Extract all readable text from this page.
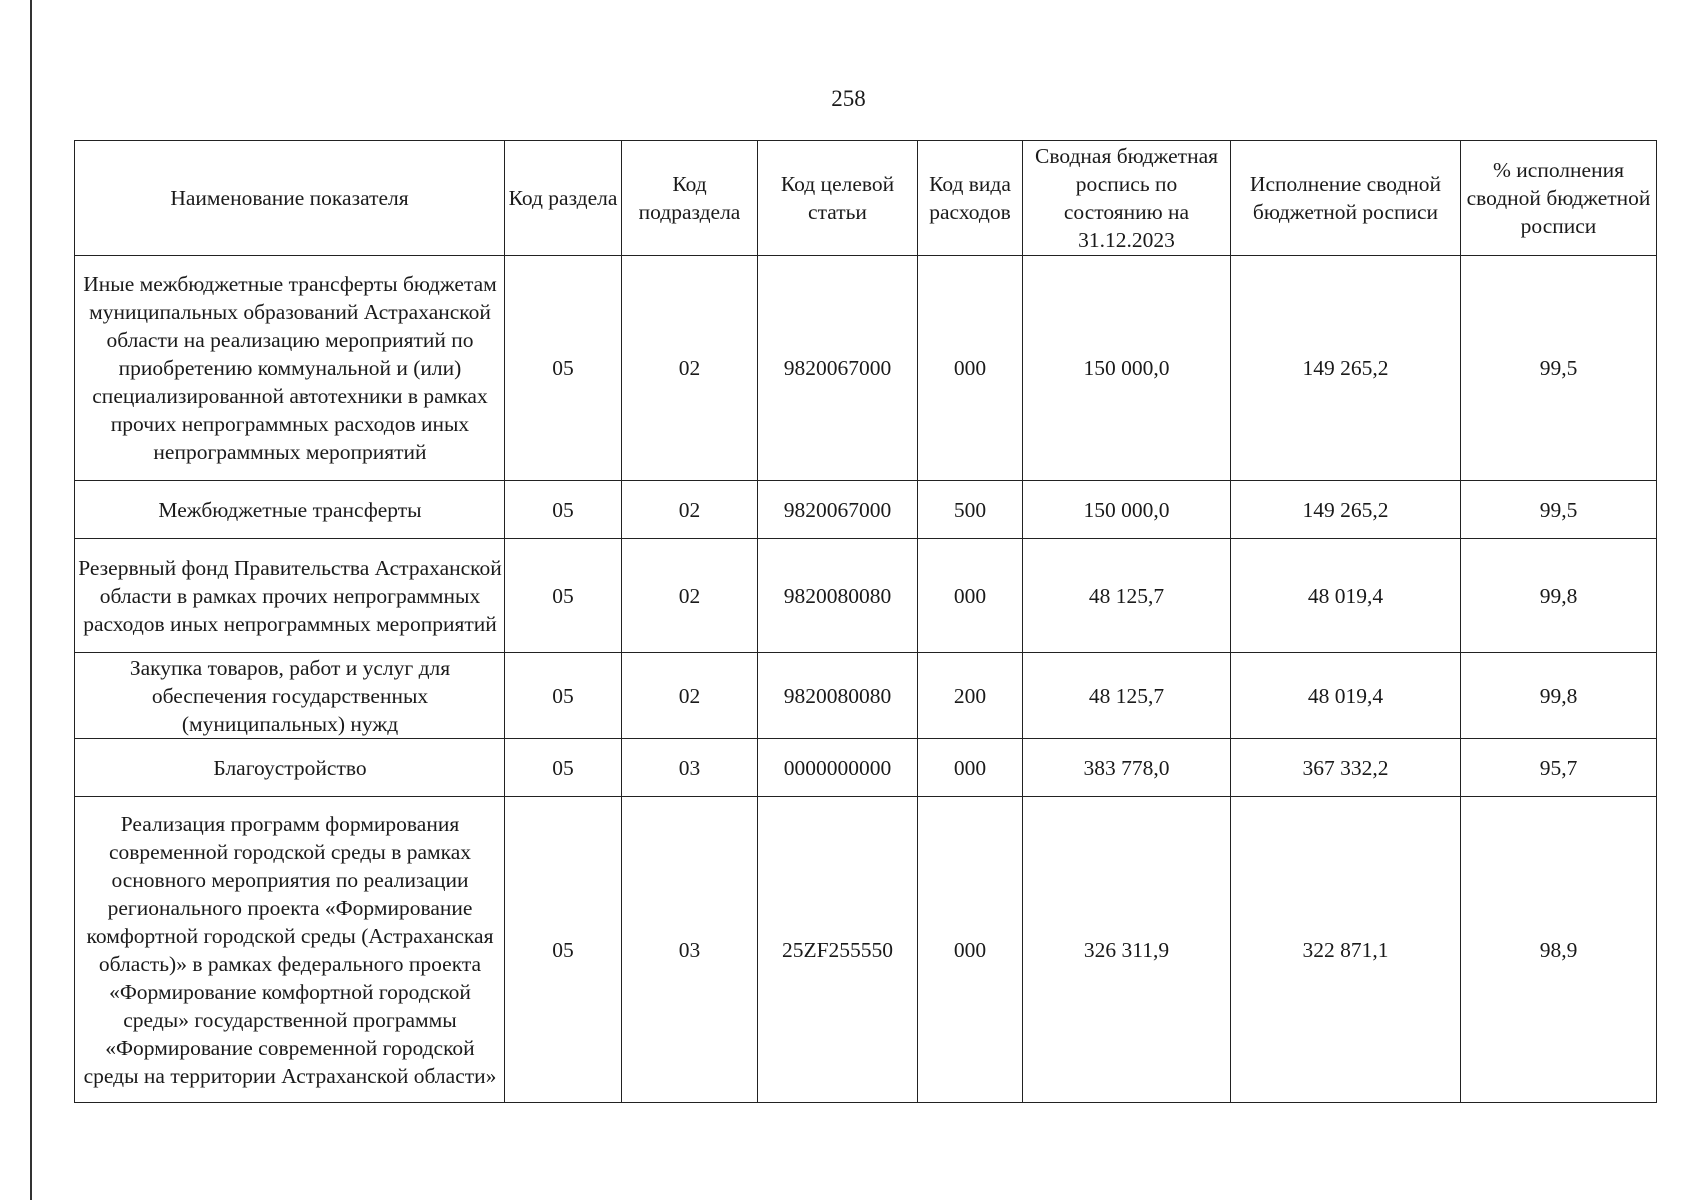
258
Наименование показателя	Код раздела	Код подраздела	Код целевой статьи	Код вида расходов	Сводная бюджетная роспись по состоянию на 31.12.2023	Исполнение сводной бюджетной росписи	% исполнения сводной бюджетной росписи
Иные межбюджетные трансферты бюджетам муниципальных образований Астраханской области на реализацию мероприятий по приобретению коммунальной и (или) специализированной автотехники в рамках прочих непрограммных расходов иных непрограммных мероприятий	05	02	9820067000	000	150 000,0	149 265,2	99,5
Межбюджетные трансферты	05	02	9820067000	500	150 000,0	149 265,2	99,5
Резервный фонд Правительства Астраханской области в рамках прочих непрограммных расходов иных непрограммных мероприятий	05	02	9820080080	000	48 125,7	48 019,4	99,8
Закупка товаров, работ и услуг для обеспечения государственных (муниципальных) нужд	05	02	9820080080	200	48 125,7	48 019,4	99,8
Благоустройство	05	03	0000000000	000	383 778,0	367 332,2	95,7
Реализация программ формирования современной городской среды в рамках основного мероприятия по реализации регионального проекта «Формирование комфортной городской среды (Астраханская область)» в рамках федерального проекта «Формирование комфортной городской среды» государственной программы «Формирование современной городской среды на территории Астраханской области»	05	03	25ZF255550	000	326 311,9	322 871,1	98,9
